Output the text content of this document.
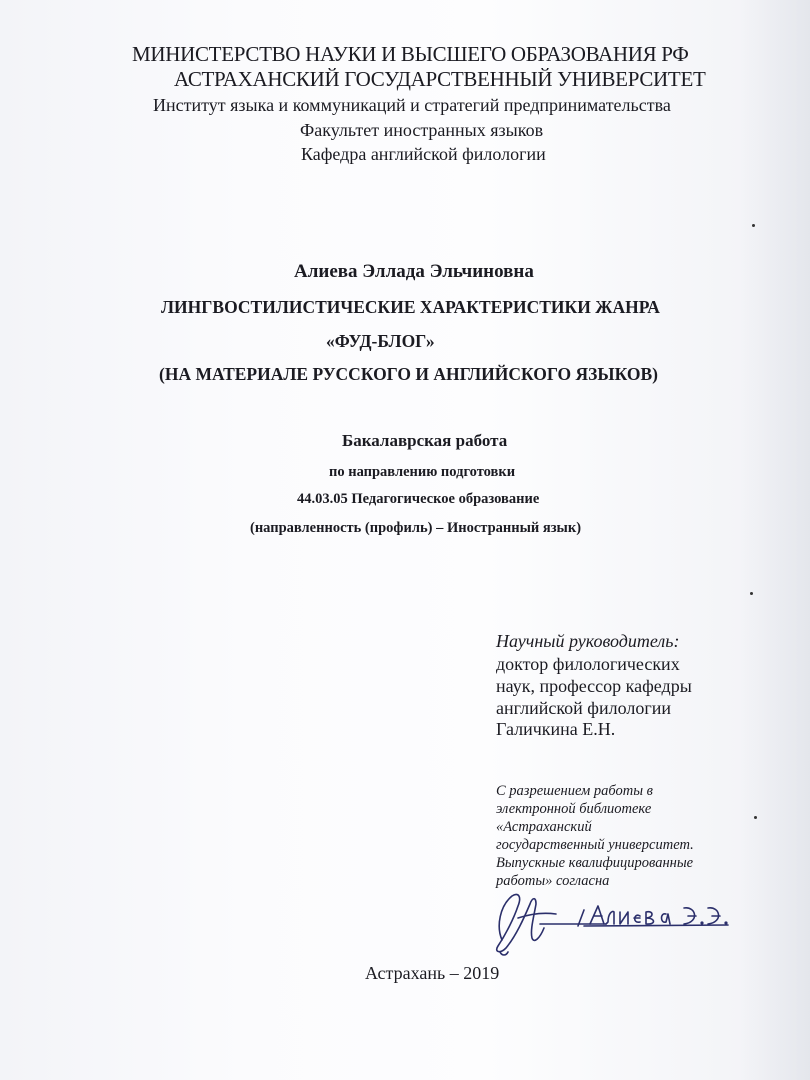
МИНИСТЕРСТВО НАУКИ И ВЫСШЕГО ОБРАЗОВАНИЯ РФ
АСТРАХАНСКИЙ ГОСУДАРСТВЕННЫЙ УНИВЕРСИТЕТ
Институт языка и коммуникаций и стратегий предпринимательства
Факультет иностранных языков
Кафедра английской филологии
Алиева Эллада Эльчиновна
ЛИНГВОСТИЛИСТИЧЕСКИЕ ХАРАКТЕРИСТИКИ ЖАНРА
«ФУД-БЛОГ»
(НА МАТЕРИАЛЕ РУССКОГО И АНГЛИЙСКОГО ЯЗЫКОВ)
Бакалаврская работа
по направлению подготовки
44.03.05 Педагогическое образование
(направленность (профиль) – Иностранный язык)
Научный руководитель:
доктор филологических
наук, профессор кафедры
английской филологии
Галичкина Е.Н.
С разрешением работы в
электронной библиотеке
«Астраханский
государственный университет.
Выпускные квалифицированные
работы» согласна
/ Алиева Э.Э.
Астрахань – 2019
